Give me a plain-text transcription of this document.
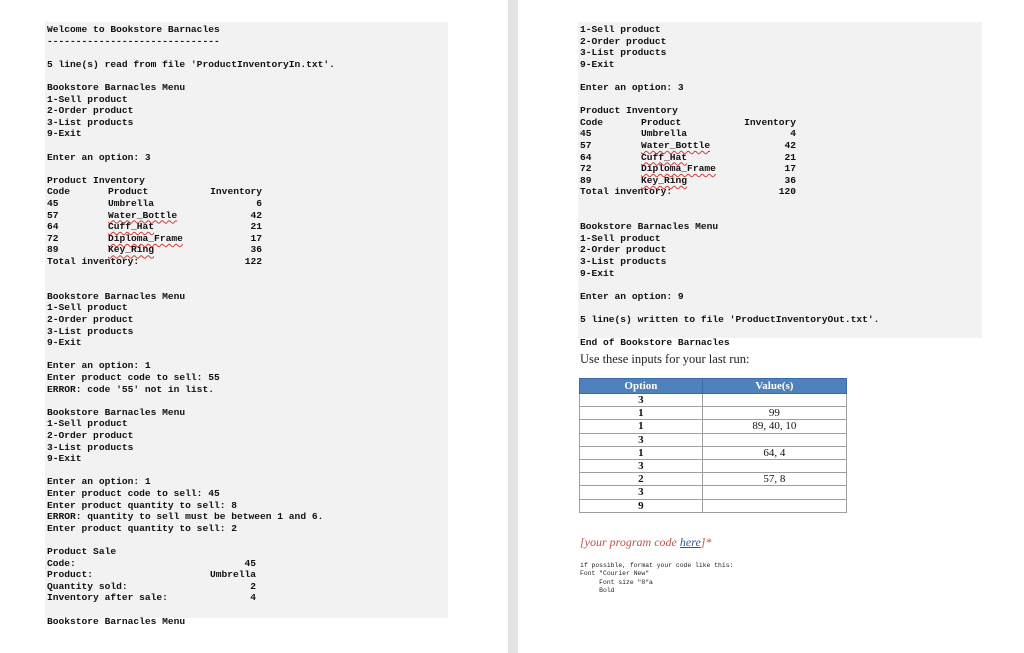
Welcome to Bookstore Barnacles
------------------------------
5 line(s) read from file 'ProductInventoryIn.txt'.
Bookstore Barnacles Menu
1-Sell product
2-Order product
3-List products
9-Exit
Enter an option: 3
Product Inventory
Bookstore Barnacles Menu
1-Sell product
2-Order product
3-List products
9-Exit
Enter an option: 1
Enter product code to sell: 55
ERROR: code '55' not in list.
Bookstore Barnacles Menu
1-Sell product
2-Order product
3-List products
9-Exit
Enter an option: 1
Enter product code to sell: 45
Enter product quantity to sell: 8
ERROR: quantity to sell must be between 1 and 6.
Enter product quantity to sell: 2
Product Sale
Bookstore Barnacles Menu
Code	Product	Inventory
45	Umbrella	6
57	Water_Bottle	42
64	Cuff_Hat	21
72	Diploma_Frame	17
89	Key_Ring	36
Total inventory:	122
Code:	45
Product:	Umbrella
Quantity sold:	2
Inventory after sale:	4
1-Sell product
2-Order product
3-List products
9-Exit
Enter an option: 3
Product Inventory
Bookstore Barnacles Menu
1-Sell product
2-Order product
3-List products
9-Exit
Enter an option: 9
5 line(s) written to file 'ProductInventoryOut.txt'.
End of Bookstore Barnacles
Code	Product	Inventory
45	Umbrella	4
57	Water_Bottle	42
64	Cuff_Hat	21
72	Diploma_Frame	17
89	Key_Ring	36
Total inventory:	120
Use these inputs for your last run:
Option	Value(s)
3	
1	99
1	89, 40, 10
3	
1	64, 4
3	
2	57, 8
3	
9	
[your program code here]*
if possible, format your code like this:
Font "Courier New"
Font size "8"a
Bold
